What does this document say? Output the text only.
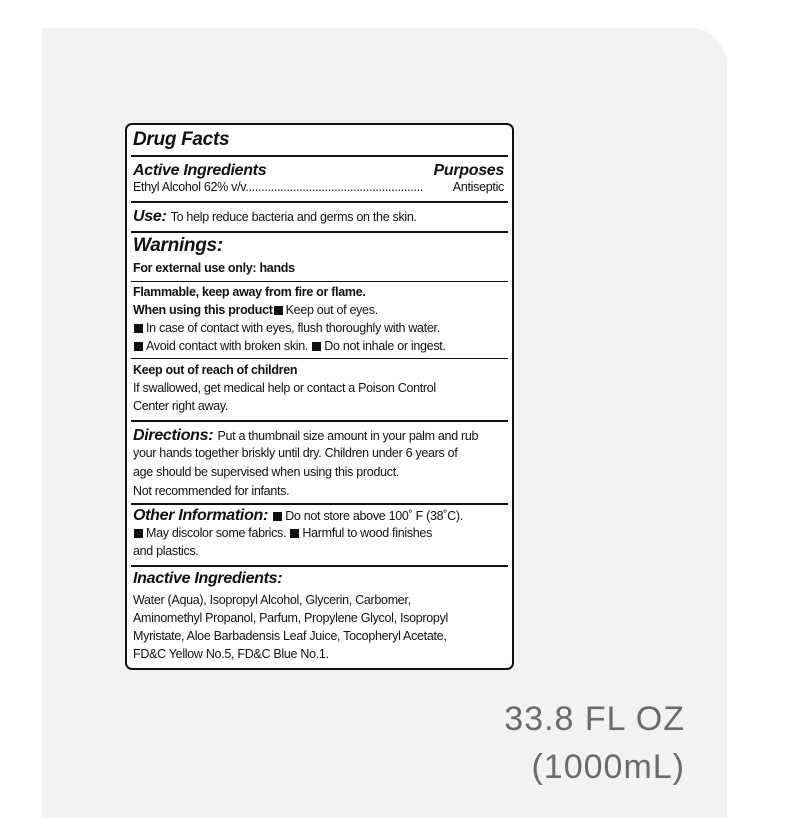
Drug Facts
Active Ingredients	Purposes
Ethyl Alcohol 62% v/v........................................................	Antiseptic
Use: To help reduce bacteria and germs on the skin.
Warnings:
For external use only: hands
Flammable, keep away from fire or flame.
When using this product Keep out of eyes.
In case of contact with eyes, flush thoroughly with water.
Avoid contact with broken skin. Do not inhale or ingest.
Keep out of reach of children
If swallowed, get medical help or contact a Poison Control
Center right away.
Directions: Put a thumbnail size amount in your palm and rub
your hands together briskly until dry. Children under 6 years of
age should be supervised when using this product.
Not recommended for infants.
Other Information: Do not store above 100˚ F (38˚C).
May discolor some fabrics. Harmful to wood finishes
and plastics.
Inactive Ingredients:
Water (Aqua), Isopropyl Alcohol, Glycerin, Carbomer,
Aminomethyl Propanol, Parfum, Propylene Glycol, Isopropyl
Myristate, Aloe Barbadensis Leaf Juice, Tocopheryl Acetate,
FD&C Yellow No.5, FD&C Blue No.1.
33.8 FL OZ
(1000mL)
